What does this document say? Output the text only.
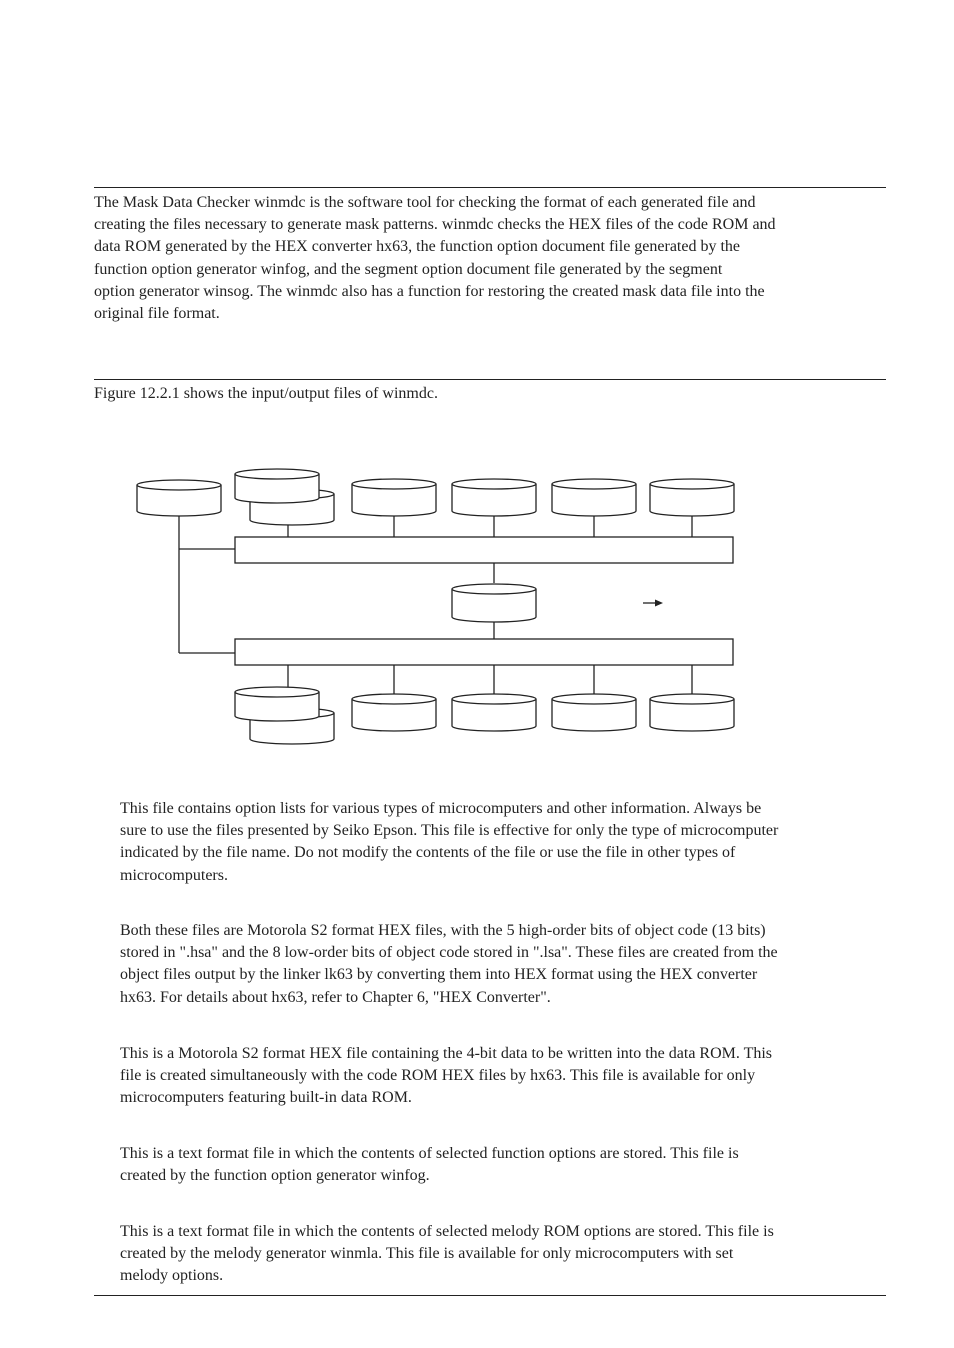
The Mask Data Checker winmdc is the software tool for checking the format of each generated file and
creating the files necessary to generate mask patterns. winmdc checks the HEX files of the code ROM and
data ROM generated by the HEX converter hx63, the function option document file generated by the
function option generator winfog, and the segment option document file generated by the segment
option generator winsog. The winmdc also has a function for restoring the created mask data file into the
original file format.

Figure 12.2.1 shows the input/output files of winmdc.

This file contains option lists for various types of microcomputers and other information. Always be
sure to use the files presented by Seiko Epson. This file is effective for only the type of microcomputer
indicated by the file name. Do not modify the contents of the file or use the file in other types of
microcomputers.

Both these files are Motorola S2 format HEX files, with the 5 high-order bits of object code (13 bits)
stored in ".hsa" and the 8 low-order bits of object code stored in ".lsa". These files are created from the
object files output by the linker lk63 by converting them into HEX format using the HEX converter
hx63. For details about hx63, refer to Chapter 6, "HEX Converter".

This is a Motorola S2 format HEX file containing the 4-bit data to be written into the data ROM. This
file is created simultaneously with the code ROM HEX files by hx63. This file is available for only
microcomputers featuring built-in data ROM.

This is a text format file in which the contents of selected function options are stored. This file is
created by the function option generator winfog.

This is a text format file in which the contents of selected melody ROM options are stored. This file is
created by the melody generator winmla. This file is available for only microcomputers with set
melody options.
